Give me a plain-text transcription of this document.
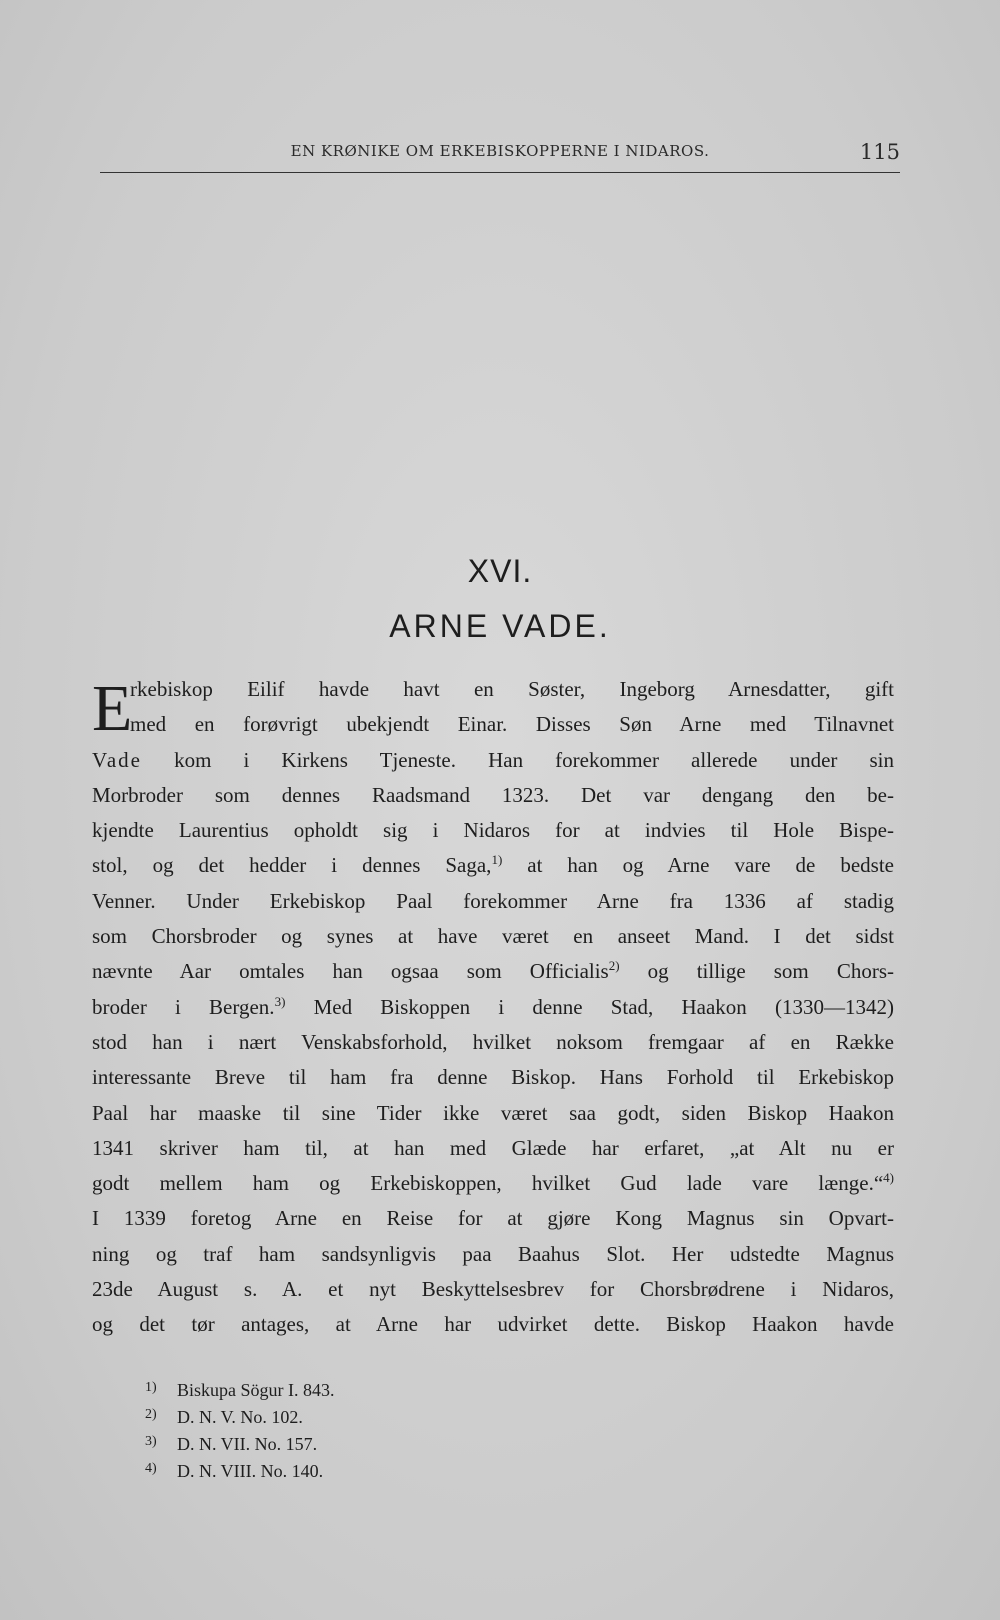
EN KRØNIKE OM ERKEBISKOPPERNE I NIDAROS.	115
XVI.
ARNE VADE.
E
rkebiskop Eilif havde havt en Søster, Ingeborg Arnesdatter, gift
med en forøvrigt ubekjendt Einar. Disses Søn Arne med Tilnavnet
Vade kom i Kirkens Tjeneste. Han forekommer allerede under sin
Morbroder som dennes Raadsmand 1323. Det var dengang den be-
kjendte Laurentius opholdt sig i Nidaros for at indvies til Hole Bispe-
stol, og det hedder i dennes Saga,$^{1)}$ at han og Arne vare de bedste
Venner. Under Erkebiskop Paal forekommer Arne fra 1336 af stadig
som Chorsbroder og synes at have været en anseet Mand. I det sidst
nævnte Aar omtales han ogsaa som Officialis$^{2)}$ og tillige som Chors-
broder i Bergen.$^{3)}$ Med Biskoppen i denne Stad, Haakon (1330—1342)
stod han i nært Venskabsforhold, hvilket noksom fremgaar af en Række
interessante Breve til ham fra denne Biskop. Hans Forhold til Erkebiskop
Paal har maaske til sine Tider ikke været saa godt, siden Biskop Haakon
1341 skriver ham til, at han med Glæde har erfaret, „at Alt nu er
godt mellem ham og Erkebiskoppen, hvilket Gud lade vare længe.“$^{4)}$
I 1339 foretog Arne en Reise for at gjøre Kong Magnus sin Opvart-
ning og traf ham sandsynligvis paa Baahus Slot. Her udstedte Magnus
23de August s. A. et nyt Beskyttelsesbrev for Chorsbrødrene i Nidaros,
og det tør antages, at Arne har udvirket dette. Biskop Haakon havde
1) Biskupa Sögur I. 843.
2) D. N. V. No. 102.
3) D. N. VII. No. 157.
4) D. N. VIII. No. 140.
